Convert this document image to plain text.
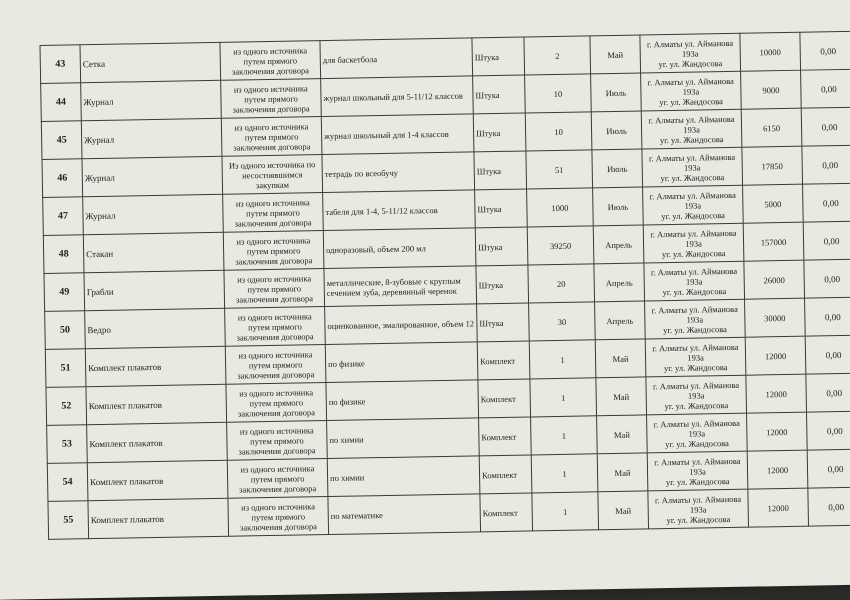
43	Сетка	из одного источника
путем прямого
заключения договора	для баскетбола	Штука	2	Май	г. Алматы ул. Айманова
193а
уг. ул. Жандосова	10000	0,00
44	Журнал	из одного источника
путем прямого
заключения договора	журнал школьный для 5-11/12 классов	Штука	10	Июль	г. Алматы ул. Айманова
193а
уг. ул. Жандосова	9000	0,00
45	Журнал	из одного источника
путем прямого
заключения договора	журнал школьный для 1-4 классов	Штука	10	Июль	г. Алматы ул. Айманова
193а
уг. ул. Жандосова	6150	0,00
46	Журнал	Из одного источника по
несостоявшимся
закупкам	тетрадь по всеобучу	Штука	51	Июль	г. Алматы ул. Айманова
193а
уг. ул. Жандосова	17850	0,00
47	Журнал	из одного источника
путем прямого
заключения договора	табеля для 1-4, 5-11/12 классов	Штука	1000	Июль	г. Алматы ул. Айманова
193а
уг. ул. Жандосова	5000	0,00
48	Стакан	из одного источника
путем прямого
заключения договора	одноразовый, объем 200 мл	Штука	39250	Апрель	г. Алматы ул. Айманова
193а
уг. ул. Жандосова	157000	0,00
49	Грабли	из одного источника
путем прямого
заключения договора	металлические, 8-зубовые с круглым сечением зуба, деревянный черенок	Штука	20	Апрель	г. Алматы ул. Айманова
193а
уг. ул. Жандосова	26000	0,00
50	Ведро	из одного источника
путем прямого
заключения договора	оцинкованное, эмалированное, объем 12	Штука	30	Апрель	г. Алматы ул. Айманова
193а
уг. ул. Жандосова	30000	0,00
51	Комплект плакатов	из одного источника
путем прямого
заключения договора	по физике	Комплект	1	Май	г. Алматы ул. Айманова
193а
уг. ул. Жандосова	12000	0,00
52	Комплект плакатов	из одного источника
путем прямого
заключения договора	по физике	Комплект	1	Май	г. Алматы ул. Айманова
193а
уг. ул. Жандосова	12000	0,00
53	Комплект плакатов	из одного источника
путем прямого
заключения договора	по химии	Комплект	1	Май	г. Алматы ул. Айманова
193а
уг. ул. Жандосова	12000	0,00
54	Комплект плакатов	из одного источника
путем прямого
заключения договора	по химии	Комплект	1	Май	г. Алматы ул. Айманова
193а
уг. ул. Жандосова	12000	0,00
55	Комплект плакатов	из одного источника
путем прямого
заключения договора	по математике	Комплект	1	Май	г. Алматы ул. Айманова
193а
уг. ул. Жандосова	12000	0,00
